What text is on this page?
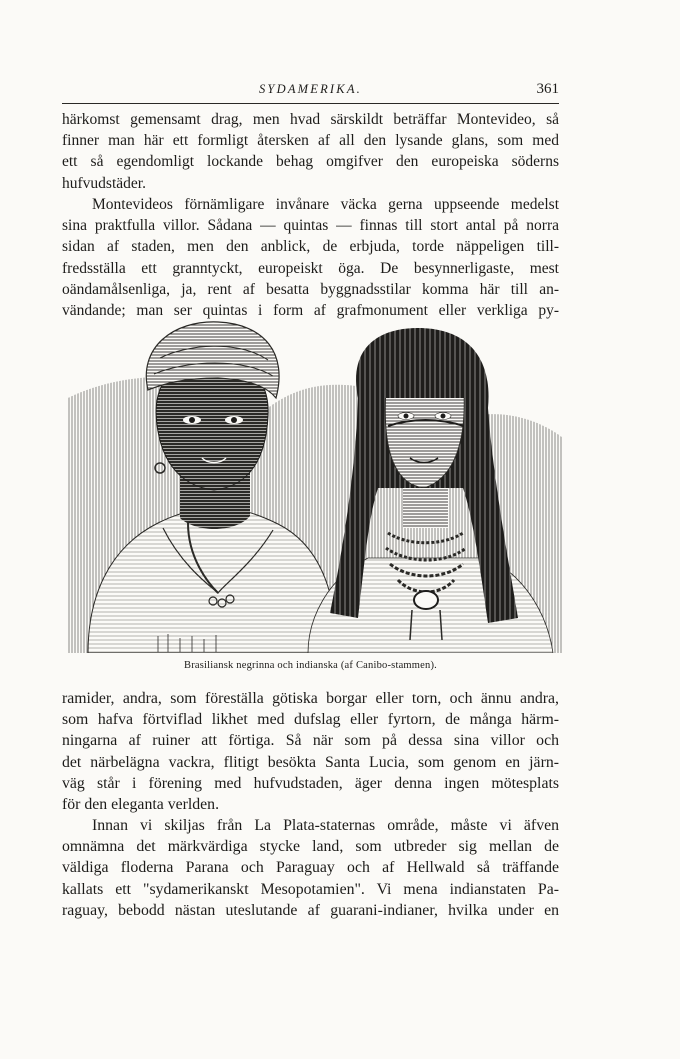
SYDAMERIKA.	361
härkomst gemensamt drag, men hvad särskildt beträffar Montevideo, så
finner man här ett formligt återsken af all den lysande glans, som med
ett så egendomligt lockande behag omgifver den europeiska söderns
hufvudstäder.
Montevideos förnämligare invånare väcka gerna uppseende medelst
sina praktfulla villor. Sådana — quintas — finnas till stort antal på norra
sidan af staden, men den anblick, de erbjuda, torde näppeligen till-
fredsställa ett granntyckt, europeiskt öga. De besynnerligaste, mest
oändamålsenliga, ja, rent af besatta byggnadsstilar komma här till an-
vändande; man ser quintas i form af grafmonument eller verkliga py-
Brasiliansk negrinna och indianska (af Canibo-stammen).
ramider, andra, som föreställa götiska borgar eller torn, och ännu andra,
som hafva förtviflad likhet med dufslag eller fyrtorn, de många härm-
ningarna af ruiner att förtiga. Så när som på dessa sina villor och
det närbelägna vackra, flitigt besökta Santa Lucia, som genom en järn-
väg står i förening med hufvudstaden, äger denna ingen mötesplats
för den eleganta verlden.
Innan vi skiljas från La Plata-staternas område, måste vi äfven
omnämna det märkvärdiga stycke land, som utbreder sig mellan de
väldiga floderna Parana och Paraguay och af Hellwald så träffande
kallats ett "sydamerikanskt Mesopotamien". Vi mena indianstaten Pa-
raguay, bebodd nästan uteslutande af guarani-indianer, hvilka under en
